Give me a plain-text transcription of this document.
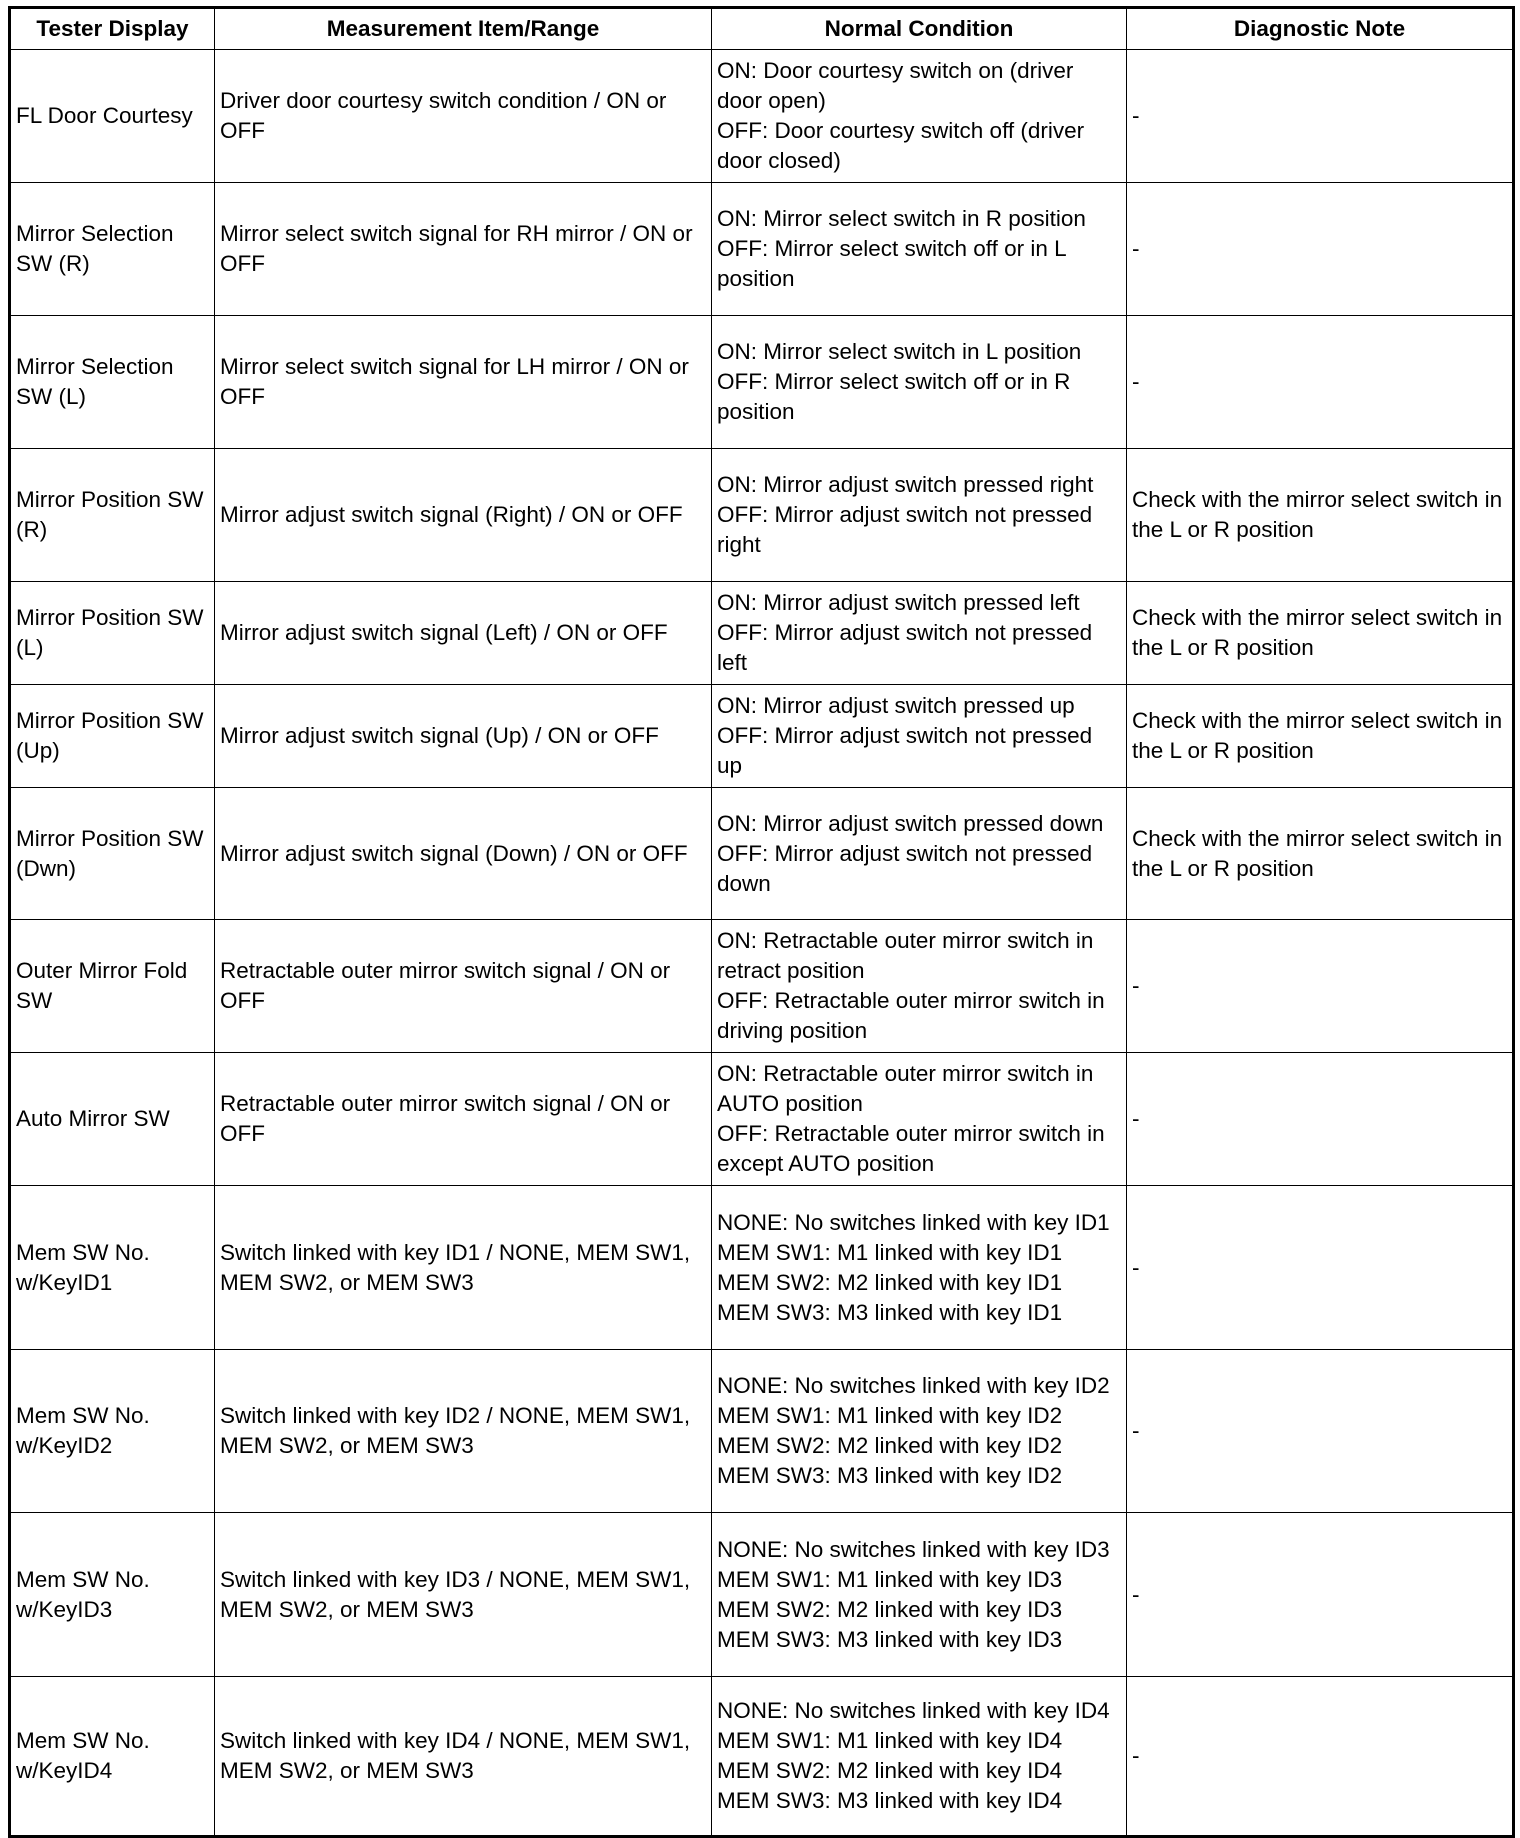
Tester Display	Measurement Item/Range	Normal Condition	Diagnostic Note
FL Door Courtesy	Driver door courtesy switch condition / ON or OFF	ON: Door courtesy switch on (driver door open)
OFF: Door courtesy switch off (driver door closed)	-
Mirror Selection SW (R)	Mirror select switch signal for RH mirror / ON or OFF	ON: Mirror select switch in R position
OFF: Mirror select switch off or in L position	-
Mirror Selection SW (L)	Mirror select switch signal for LH mirror / ON or OFF	ON: Mirror select switch in L position
OFF: Mirror select switch off or in R position	-
Mirror Position SW (R)	Mirror adjust switch signal (Right) / ON or OFF	ON: Mirror adjust switch pressed right
OFF: Mirror adjust switch not pressed right	Check with the mirror select switch in the L or R position
Mirror Position SW (L)	Mirror adjust switch signal (Left) / ON or OFF	ON: Mirror adjust switch pressed left
OFF: Mirror adjust switch not pressed left	Check with the mirror select switch in the L or R position
Mirror Position SW (Up)	Mirror adjust switch signal (Up) / ON or OFF	ON: Mirror adjust switch pressed up
OFF: Mirror adjust switch not pressed up	Check with the mirror select switch in the L or R position
Mirror Position SW (Dwn)	Mirror adjust switch signal (Down) / ON or OFF	ON: Mirror adjust switch pressed down
OFF: Mirror adjust switch not pressed down	Check with the mirror select switch in the L or R position
Outer Mirror Fold SW	Retractable outer mirror switch signal / ON or OFF	ON: Retractable outer mirror switch in retract position
OFF: Retractable outer mirror switch in driving position	-
Auto Mirror SW	Retractable outer mirror switch signal / ON or OFF	ON: Retractable outer mirror switch in AUTO position
OFF: Retractable outer mirror switch in except AUTO position	-
Mem SW No. w/KeyID1	Switch linked with key ID1 / NONE, MEM SW1, MEM SW2, or MEM SW3	NONE: No switches linked with key ID1
MEM SW1: M1 linked with key ID1
MEM SW2: M2 linked with key ID1
MEM SW3: M3 linked with key ID1	-
Mem SW No. w/KeyID2	Switch linked with key ID2 / NONE, MEM SW1, MEM SW2, or MEM SW3	NONE: No switches linked with key ID2
MEM SW1: M1 linked with key ID2
MEM SW2: M2 linked with key ID2
MEM SW3: M3 linked with key ID2	-
Mem SW No. w/KeyID3	Switch linked with key ID3 / NONE, MEM SW1, MEM SW2, or MEM SW3	NONE: No switches linked with key ID3
MEM SW1: M1 linked with key ID3
MEM SW2: M2 linked with key ID3
MEM SW3: M3 linked with key ID3	-
Mem SW No. w/KeyID4	Switch linked with key ID4 / NONE, MEM SW1, MEM SW2, or MEM SW3	NONE: No switches linked with key ID4
MEM SW1: M1 linked with key ID4
MEM SW2: M2 linked with key ID4
MEM SW3: M3 linked with key ID4	-
